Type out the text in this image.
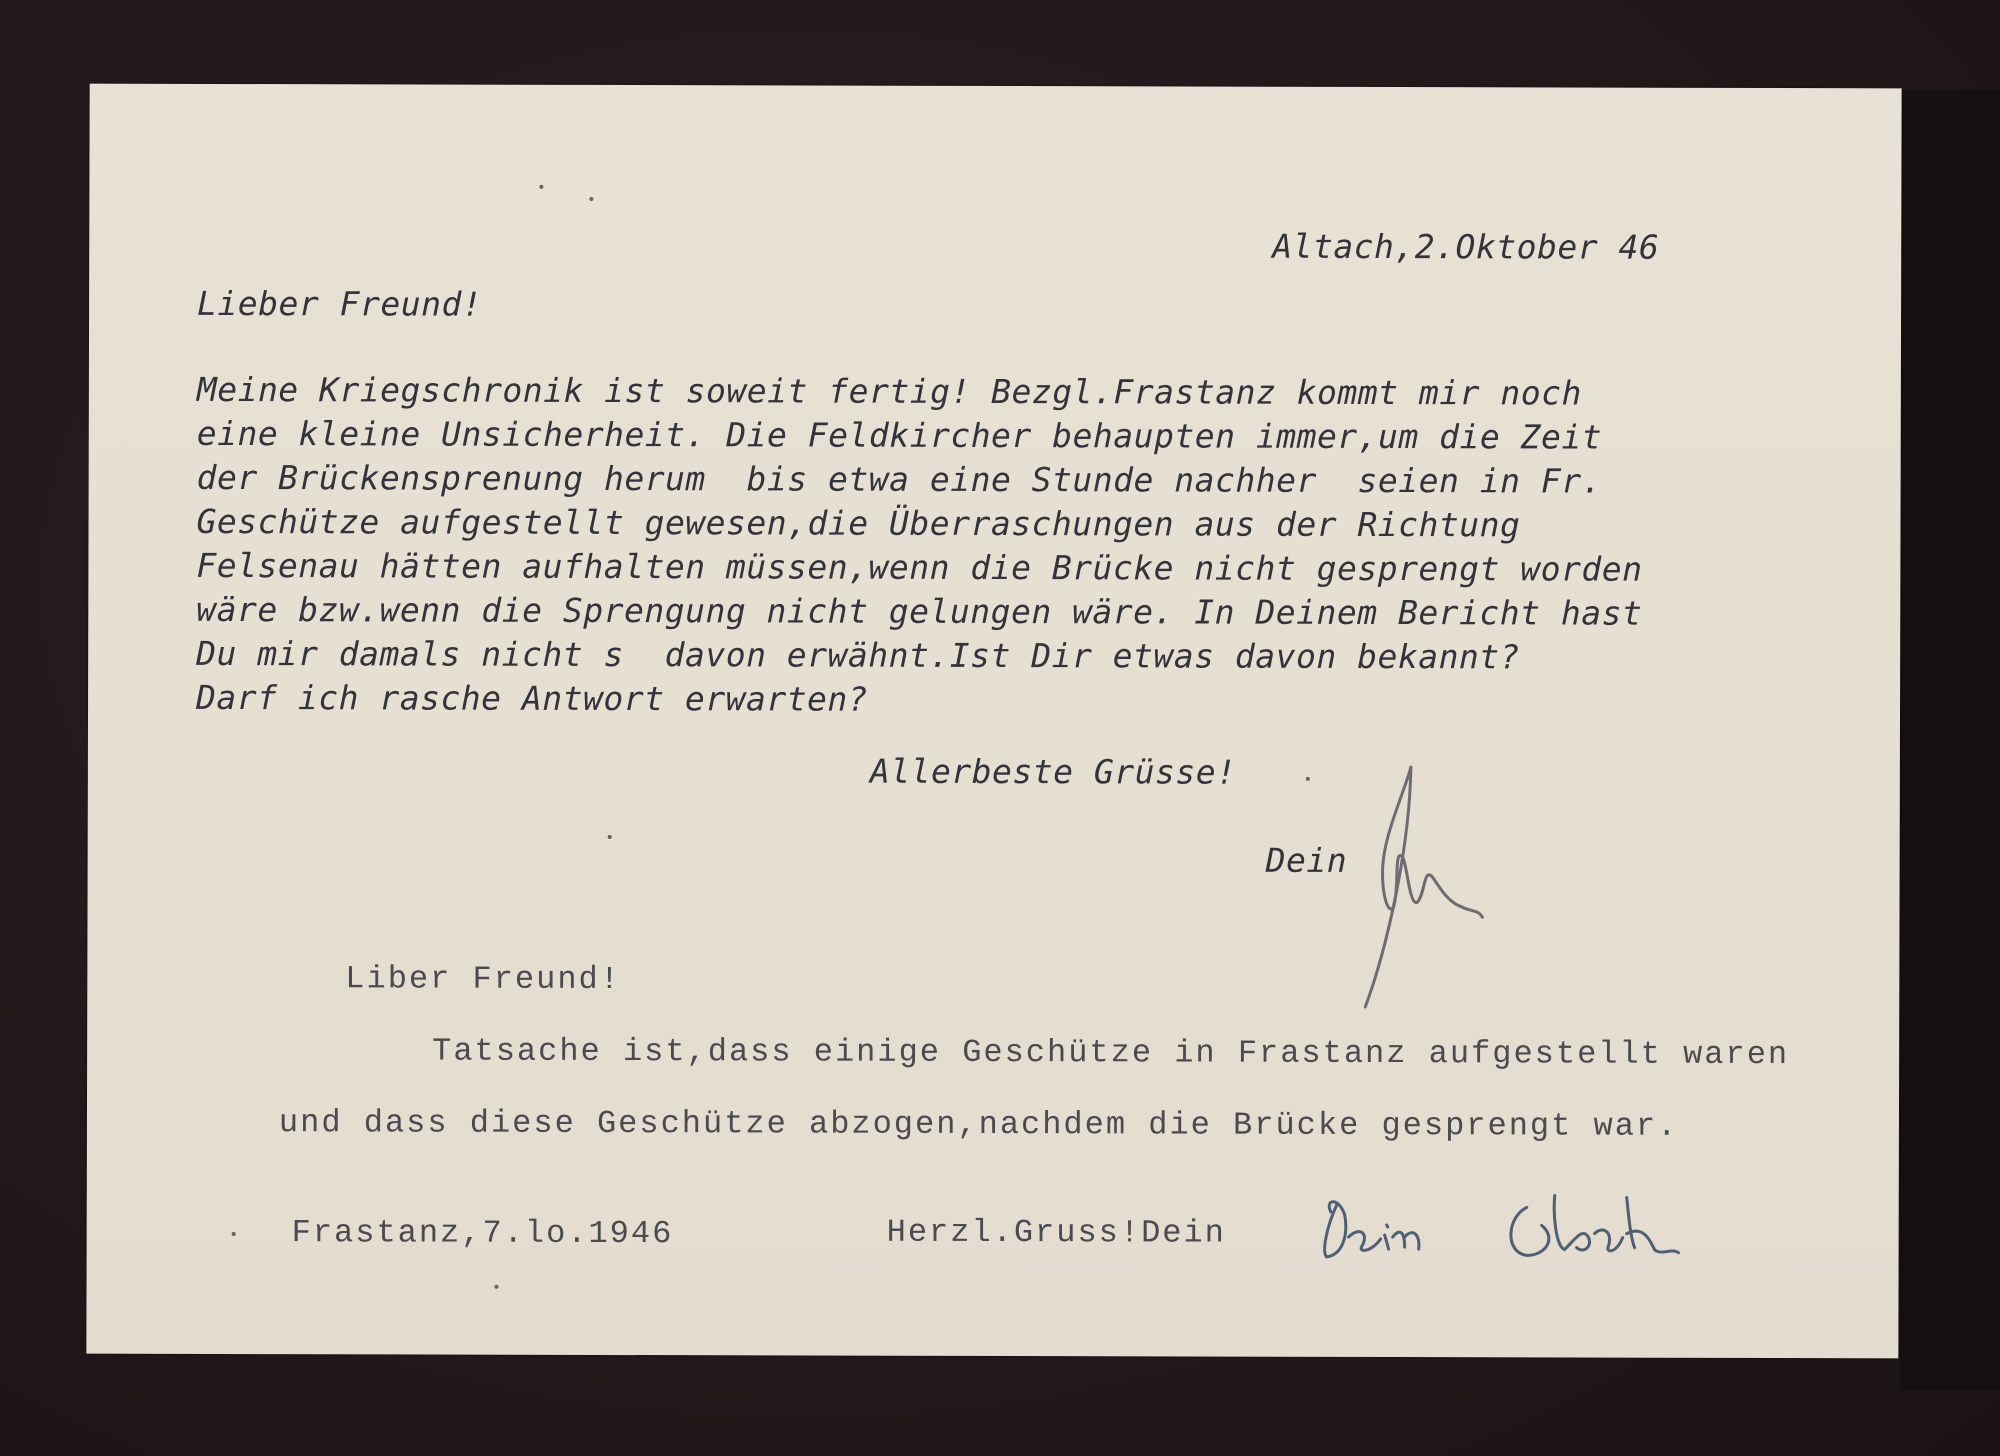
Altach,2.Oktober 46
Lieber Freund!
Meine Kriegschronik ist soweit fertig! Bezgl.Frastanz kommt mir noch
eine kleine Unsicherheit. Die Feldkircher behaupten immer,um die Zeit
der Brückensprenung herum  bis etwa eine Stunde nachher  seien in Fr.
Geschütze aufgestellt gewesen,die Überraschungen aus der Richtung
Felsenau hätten aufhalten müssen,wenn die Brücke nicht gesprengt worden
wäre bzw.wenn die Sprengung nicht gelungen wäre. In Deinem Bericht hast
Du mir damals nicht s  davon erwähnt.Ist Dir etwas davon bekannt?
Darf ich rasche Antwort erwarten?
Allerbeste Grüsse!
Dein
Liber Freund!
Tatsache ist,dass einige Geschütze in Frastanz aufgestellt waren
und dass diese Geschütze abzogen,nachdem die Brücke gesprengt war.
Frastanz,7.lo.1946	Herzl.Gruss!Dein
